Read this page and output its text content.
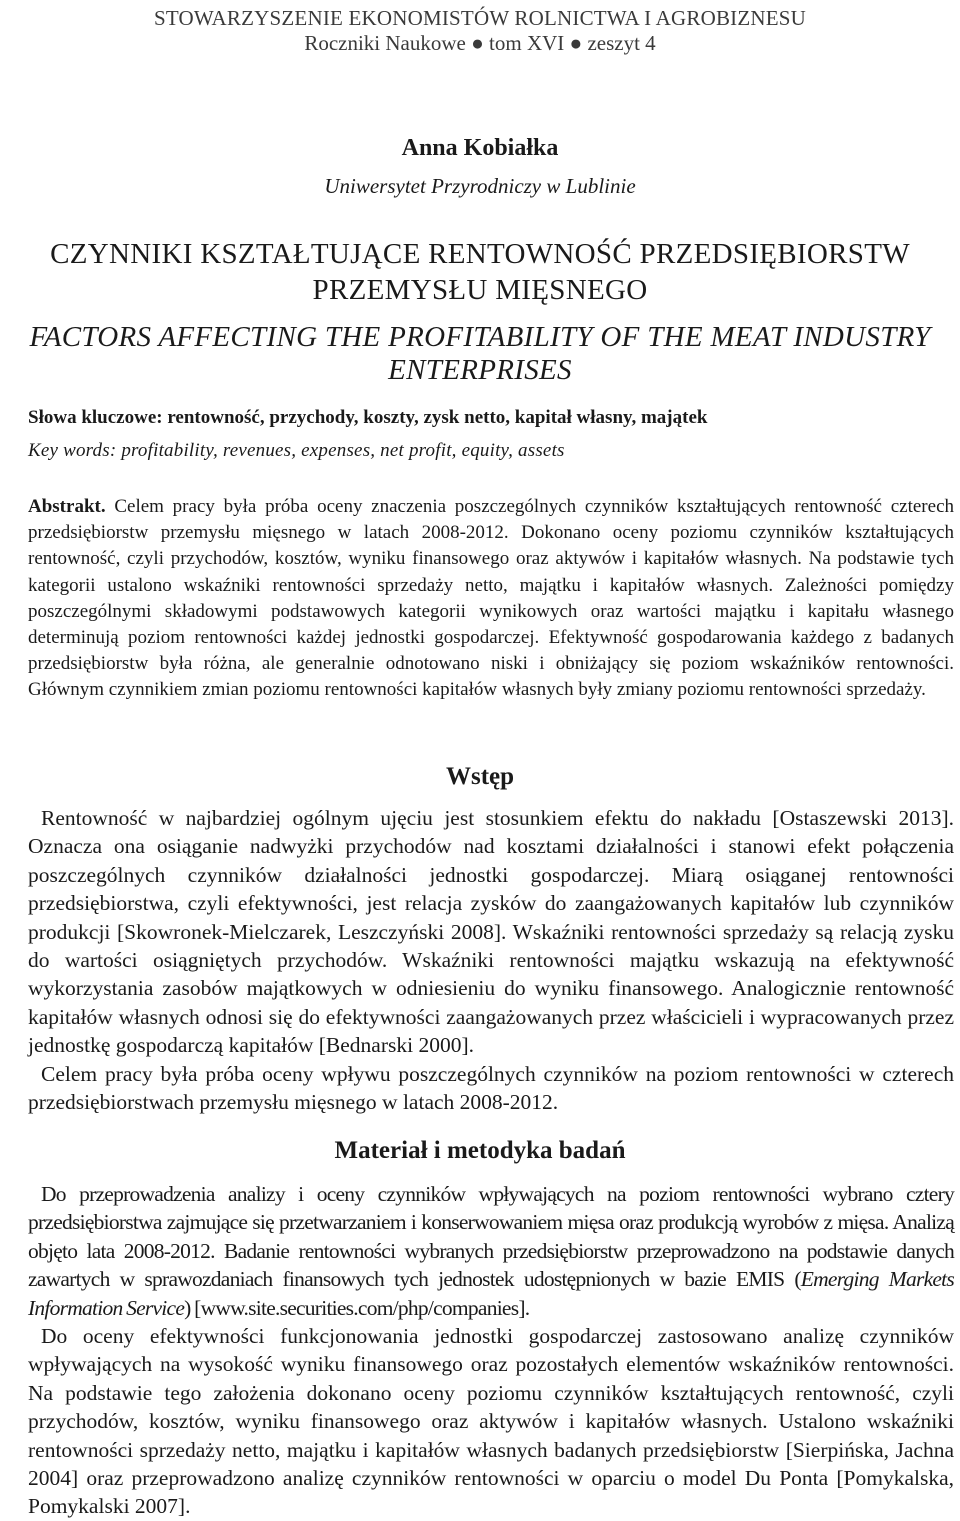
STOWARZYSZENIE EKONOMISTÓW ROLNICTWA I AGROBIZNESU
Roczniki Naukowe ● tom XVI ● zeszyt 4
Anna Kobiałka
Uniwersytet Przyrodniczy w Lublinie
CZYNNIKI KSZTAŁTUJĄCE RENTOWNOŚĆ PRZEDSIĘBIORSTW
PRZEMYSŁU MIĘSNEGO
FACTORS AFFECTING THE PROFITABILITY OF THE MEAT INDUSTRY
ENTERPRISES
Słowa kluczowe: rentowność, przychody, koszty, zysk netto, kapitał własny, majątek
Key words: profitability, revenues, expenses, net profit, equity, assets
Abstrakt. Celem pracy była próba oceny znaczenia poszczególnych czynników kształtujących rentowność czterech przedsiębiorstw przemysłu mięsnego w latach 2008-2012. Dokonano oceny poziomu czynników kształtujących rentowność, czyli przychodów, kosztów, wyniku finansowego oraz aktywów i kapitałów własnych. Na podstawie tych kategorii ustalono wskaźniki rentowności sprzedaży netto, majątku i kapitałów własnych. Zależności pomiędzy poszczególnymi składowymi podstawowych kategorii wynikowych oraz wartości majątku i kapitału własnego determinują poziom rentowności każdej jednostki gospodarczej. Efektywność gospodarowania każdego z badanych przedsiębiorstw była różna, ale generalnie odnotowano niski i obniżający się poziom wskaźników rentowności. Głównym czynnikiem zmian poziomu rentowności kapitałów własnych były zmiany poziomu rentowności sprzedaży.
Wstęp

Rentowność w najbardziej ogólnym ujęciu jest stosunkiem efektu do nakładu [Ostaszewski 2013]. Oznacza ona osiąganie nadwyżki przychodów nad kosztami działalności i stanowi efekt połączenia poszczególnych czynników działalności jednostki gospodarczej. Miarą osiąganej rentowności przedsiębiorstwa, czyli efektywności, jest relacja zysków do zaangażowanych kapitałów lub czynników produkcji [Skowronek-Mielczarek, Leszczyński 2008]. Wskaźniki rentowności sprzedaży są relacją zysku do wartości osiągniętych przychodów. Wskaźniki rentowności majątku wskazują na efektywność wykorzystania zasobów majątkowych w odniesieniu do wyniku finansowego. Analogicznie rentowność kapitałów własnych odnosi się do efektywności zaangażowanych przez właścicieli i wypracowanych przez jednostkę gospodarczą kapitałów [Bednarski 2000].

Celem pracy była próba oceny wpływu poszczególnych czynników na poziom rentowności w czterech przedsiębiorstwach przemysłu mięsnego w latach 2008-2012.

Materiał i metodyka badań

Do przeprowadzenia analizy i oceny czynników wpływających na poziom rentowności wybrano cztery przedsiębiorstwa zajmujące się przetwarzaniem i konserwowaniem mięsa oraz produkcją wyrobów z mięsa. Analizą objęto lata 2008-2012. Badanie rentowności wybranych przedsiębiorstw przeprowadzono na podstawie danych zawartych w sprawozdaniach finansowych tych jednostek udostępnionych w bazie EMIS (Emerging Markets Information Service) [www.site.securities.com/php/companies].

Do oceny efektywności funkcjonowania jednostki gospodarczej zastosowano analizę czynników wpływających na wysokość wyniku finansowego oraz pozostałych elementów wskaźników rentowności. Na podstawie tego założenia dokonano oceny poziomu czynników kształtujących rentowność, czyli przychodów, kosztów, wyniku finansowego oraz aktywów i kapitałów własnych. Ustalono wskaźniki rentowności sprzedaży netto, majątku i kapitałów własnych badanych przedsiębiorstw [Sierpińska, Jachna 2004] oraz przeprowadzono analizę czynników rentowności w oparciu o model Du Ponta [Pomykalska, Pomykalski 2007].
